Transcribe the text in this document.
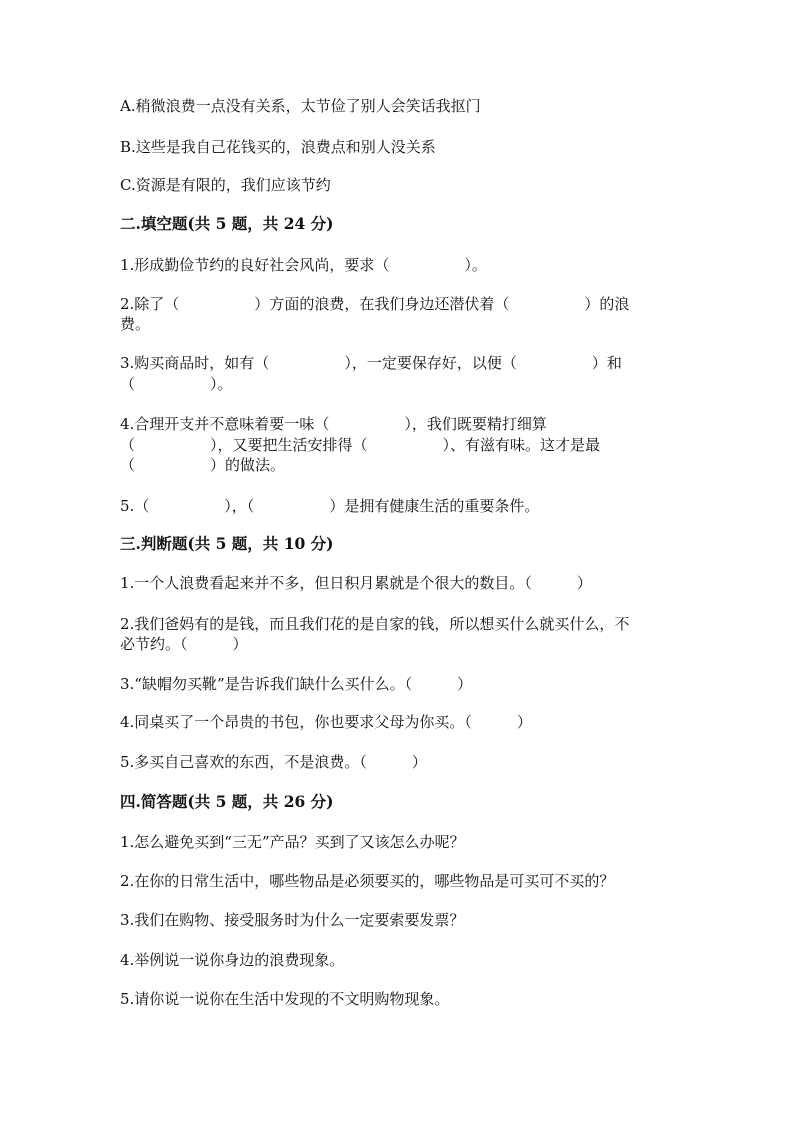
A.稍微浪费一点没有关系，太节俭了别人会笑话我抠门

B.这些是我自己花钱买的，浪费点和别人没关系

C.资源是有限的，我们应该节约

二.填空题(共 5 题，共 24 分)

1.形成勤俭节约的良好社会风尚，要求（　　　　　）。

2.除了（　　　　　）方面的浪费，在我们身边还潜伏着（　　　　　）的浪

费。

3.购买商品时，如有（　　　　　），一定要保存好，以便（　　　　　）和

（　　　　　）。

4.合理开支并不意味着要一味（　　　　　），我们既要精打细算

（　　　　　），又要把生活安排得（　　　　　）、有滋有味。这才是最

（　　　　　）的做法。

5.（　　　　　），（　　　　　）是拥有健康生活的重要条件。

三.判断题(共 5 题，共 10 分)

1.一个人浪费看起来并不多，但日积月累就是个很大的数目。（　　　）

2.我们爸妈有的是钱，而且我们花的是自家的钱，所以想买什么就买什么，不

必节约。（　　　）

3.“缺帽勿买靴”是告诉我们缺什么买什么。（　　　）

4.同桌买了一个昂贵的书包，你也要求父母为你买。（　　　）

5.多买自己喜欢的东西，不是浪费。（　　　）

四.简答题(共 5 题，共 26 分)

1.怎么避免买到“三无”产品？买到了又该怎么办呢？

2.在你的日常生活中，哪些物品是必须要买的，哪些物品是可买可不买的？

3.我们在购物、接受服务时为什么一定要索要发票？

4.举例说一说你身边的浪费现象。

5.请你说一说你在生活中发现的不文明购物现象。
